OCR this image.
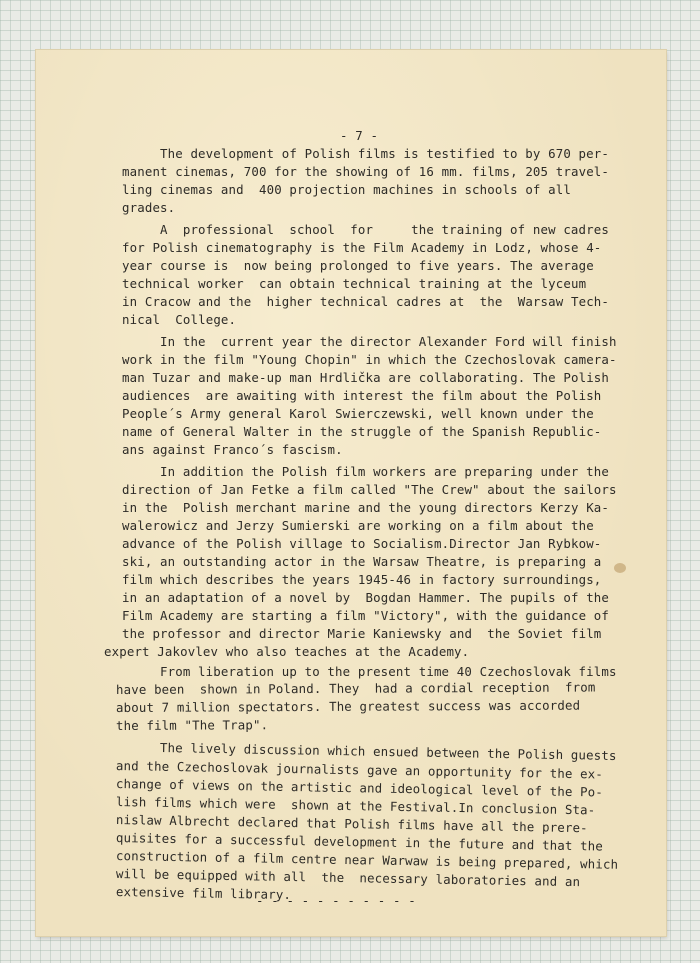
- 7 -
- - - - - - - - - - -
The development of Polish films is testified to by 670 per-
manent cinemas, 700 for the showing of 16 mm. films, 205 travel-
ling cinemas and  400 projection machines in schools of all
grades.
A  professional  school  for     the training of new cadres
for Polish cinematography is the Film Academy in Lodz, whose 4-
year course is  now being prolonged to five years. The average
technical worker  can obtain technical training at the lyceum
in Cracow and the  higher technical cadres at  the  Warsaw Tech-
nical  College.
In the  current year the director Alexander Ford will finish
work in the film "Young Chopin" in which the Czechoslovak camera-
man Tuzar and make-up man Hrdlička are collaborating. The Polish
audiences  are awaiting with interest the film about the Polish
People´s Army general Karol Swierczewski, well known under the
name of General Walter in the struggle of the Spanish Republic-
ans against Franco´s fascism.
In addition the Polish film workers are preparing under the
direction of Jan Fetke a film called "The Crew" about the sailors
in the  Polish merchant marine and the young directors Kerzy Ka-
walerowicz and Jerzy Sumierski are working on a film about the
advance of the Polish village to Socialism.Director Jan Rybkow-
ski, an outstanding actor in the Warsaw Theatre, is preparing a
film which describes the years 1945-46 in factory surroundings,
in an adaptation of a novel by  Bogdan Hammer. The pupils of the
Film Academy are starting a film "Victory", with the guidance of
the professor and director Marie Kaniewsky and  the Soviet film
expert Jakovlev who also teaches at the Academy.
From liberation up to the present time 40 Czechoslovak films
have been  shown in Poland. They  had a cordial reception  from
about 7 million spectators. The greatest success was accorded
the film "The Trap".
The lively discussion which ensued between the Polish guests
and the Czechoslovak journalists gave an opportunity for the ex-
change of views on the artistic and ideological level of the Po-
lish films which were  shown at the Festival.In conclusion Sta-
nislaw Albrecht declared that Polish films have all the prere-
quisites for a successful development in the future and that the
construction of a film centre near Warwaw is being prepared, which
will be equipped with all  the  necessary laboratories and an
extensive film library.
